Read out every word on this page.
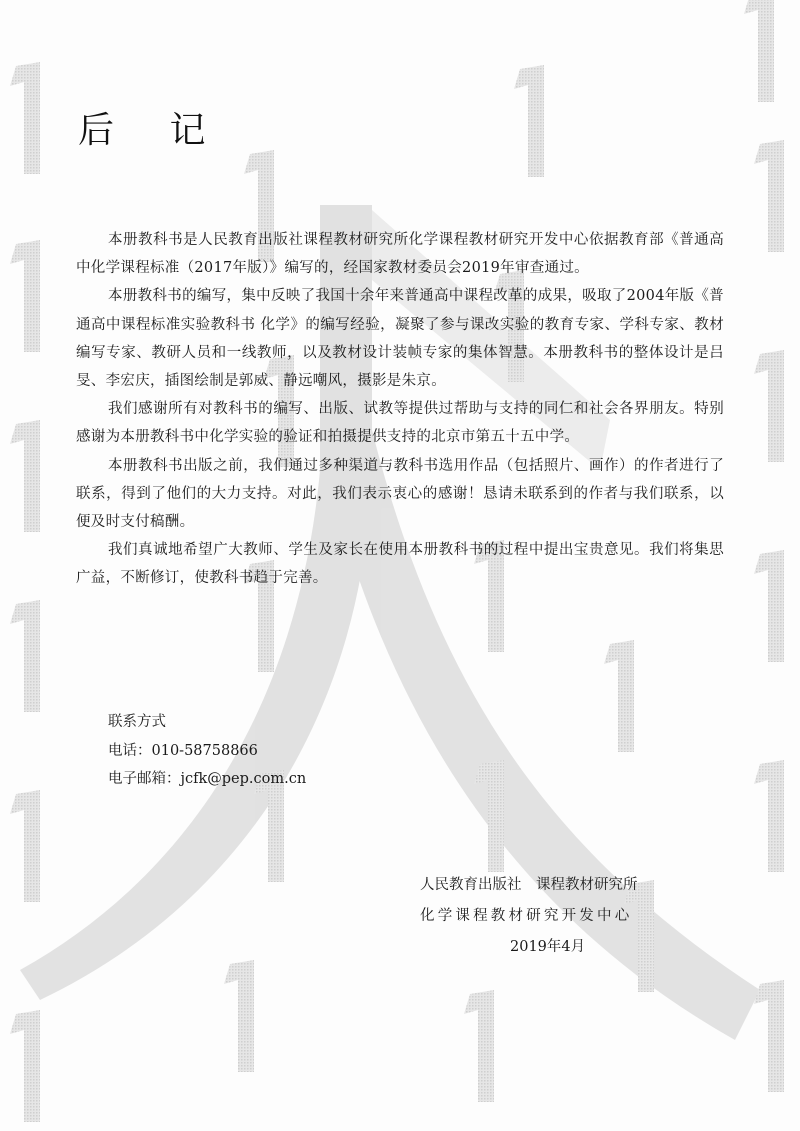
后 记

本册教科书是人民教育出版社课程教材研究所化学课程教材研究开发中心依据教育部《普通高中化学课程标准（2017年版）》编写的，经国家教材委员会2019年审查通过。

本册教科书的编写，集中反映了我国十余年来普通高中课程改革的成果，吸取了2004年版《普通高中课程标准实验教科书 化学》的编写经验，凝聚了参与课改实验的教育专家、学科专家、教材编写专家、教研人员和一线教师，以及教材设计装帧专家的集体智慧。本册教科书的整体设计是吕旻、李宏庆，插图绘制是郭威、静远嘲风，摄影是朱京。

我们感谢所有对教科书的编写、出版、试教等提供过帮助与支持的同仁和社会各界朋友。特别感谢为本册教科书中化学实验的验证和拍摄提供支持的北京市第五十五中学。

本册教科书出版之前，我们通过多种渠道与教科书选用作品（包括照片、画作）的作者进行了联系，得到了他们的大力支持。对此，我们表示衷心的感谢！恳请未联系到的作者与我们联系，以便及时支付稿酬。

我们真诚地希望广大教师、学生及家长在使用本册教科书的过程中提出宝贵意见。我们将集思广益，不断修订，使教科书趋于完善。

联系方式
电话：010-58758866
电子邮箱：jcfk@pep.com.cn
人民教育出版社　课程教材研究所
化学课程教材研究开发中心
2019年4月
